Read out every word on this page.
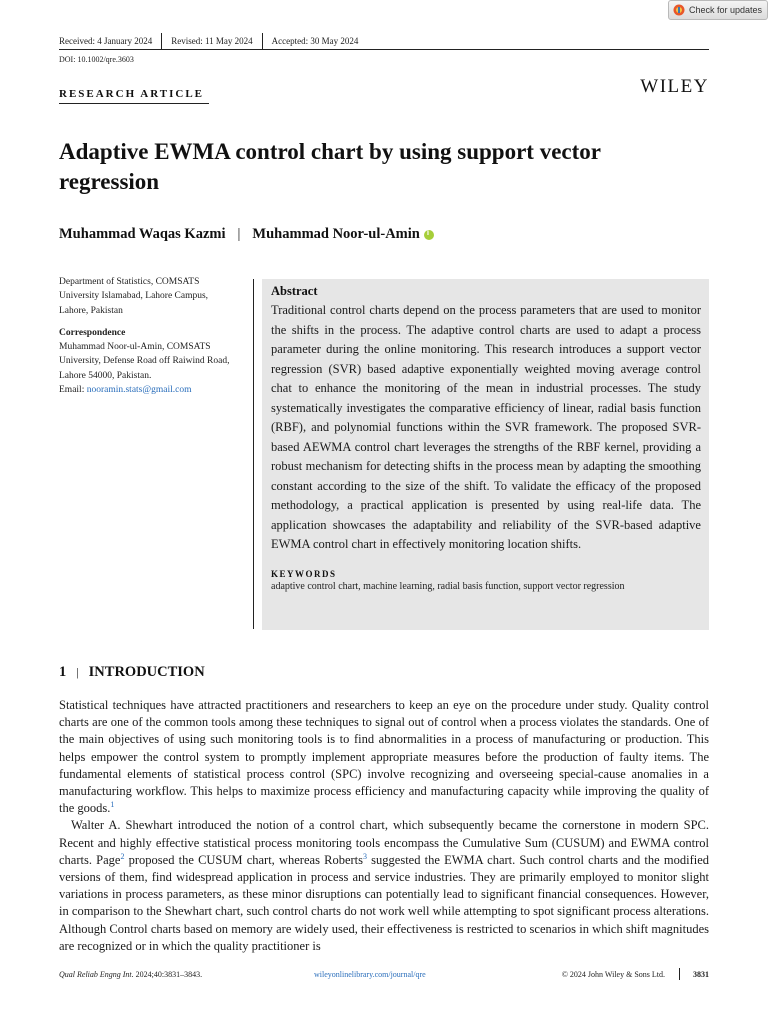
Check for updates
Received: 4 January 2024	Revised: 11 May 2024	Accepted: 30 May 2024
DOI: 10.1002/qre.3603
WILEY
RESEARCH ARTICLE
Adaptive EWMA control chart by using support vector regression
Muhammad Waqas Kazmi | Muhammad Noor-ul-Amin
i
Department of Statistics, COMSATS University Islamabad, Lahore Campus, Lahore, Pakistan
Correspondence
Muhammad Noor-ul-Amin, COMSATS University, Defense Road off Raiwind Road, Lahore 54000, Pakistan.
Email: nooramin.stats@gmail.com
Abstract
Traditional control charts depend on the process parameters that are used to monitor the shifts in the process. The adaptive control charts are used to adapt a process parameter during the online monitoring. This research introduces a support vector regression (SVR) based adaptive exponentially weighted moving average control chat to enhance the monitoring of the mean in industrial processes. The study systematically investigates the comparative efficiency of linear, radial basis function (RBF), and polynomial functions within the SVR framework. The proposed SVR-based AEWMA control chart leverages the strengths of the RBF kernel, providing a robust mechanism for detecting shifts in the process mean by adapting the smoothing constant according to the size of the shift. To validate the efficacy of the proposed methodology, a practical application is presented by using real-life data. The application showcases the adaptability and reliability of the SVR-based adaptive EWMA control chart in effectively monitoring location shifts.
KEYWORDS
adaptive control chart, machine learning, radial basis function, support vector regression
1 | INTRODUCTION

Statistical techniques have attracted practitioners and researchers to keep an eye on the procedure under study. Quality control charts are one of the common tools among these techniques to signal out of control when a process violates the standards. One of the main objectives of using such monitoring tools is to find abnormalities in a process of manufacturing or production. This helps empower the control system to promptly implement appropriate measures before the production of faulty items. The fundamental elements of statistical process control (SPC) involve recognizing and overseeing special-cause anomalies in a manufacturing workflow. This helps to maximize process efficiency and manufacturing capacity while improving the quality of the goods.$^1$

Walter A. Shewhart introduced the notion of a control chart, which subsequently became the cornerstone in modern SPC. Recent and highly effective statistical process monitoring tools encompass the Cumulative Sum (CUSUM) and EWMA control charts. Page$^2$ proposed the CUSUM chart, whereas Roberts$^3$ suggested the EWMA chart. Such control charts and the modified versions of them, find widespread application in process and service industries. They are primarily employed to monitor slight variations in process parameters, as these minor disruptions can potentially lead to significant financial consequences. However, in comparison to the Shewhart chart, such control charts do not work well while attempting to spot significant process alterations. Although Control charts based on memory are widely used, their effectiveness is restricted to scenarios in which shift magnitudes are recognized or in which the quality practitioner is

Qual Reliab Engng Int. 2024;40:3831–3843.	wileyonlinelibrary.com/journal/qre	© 2024 John Wiley & Sons Ltd.	3831
